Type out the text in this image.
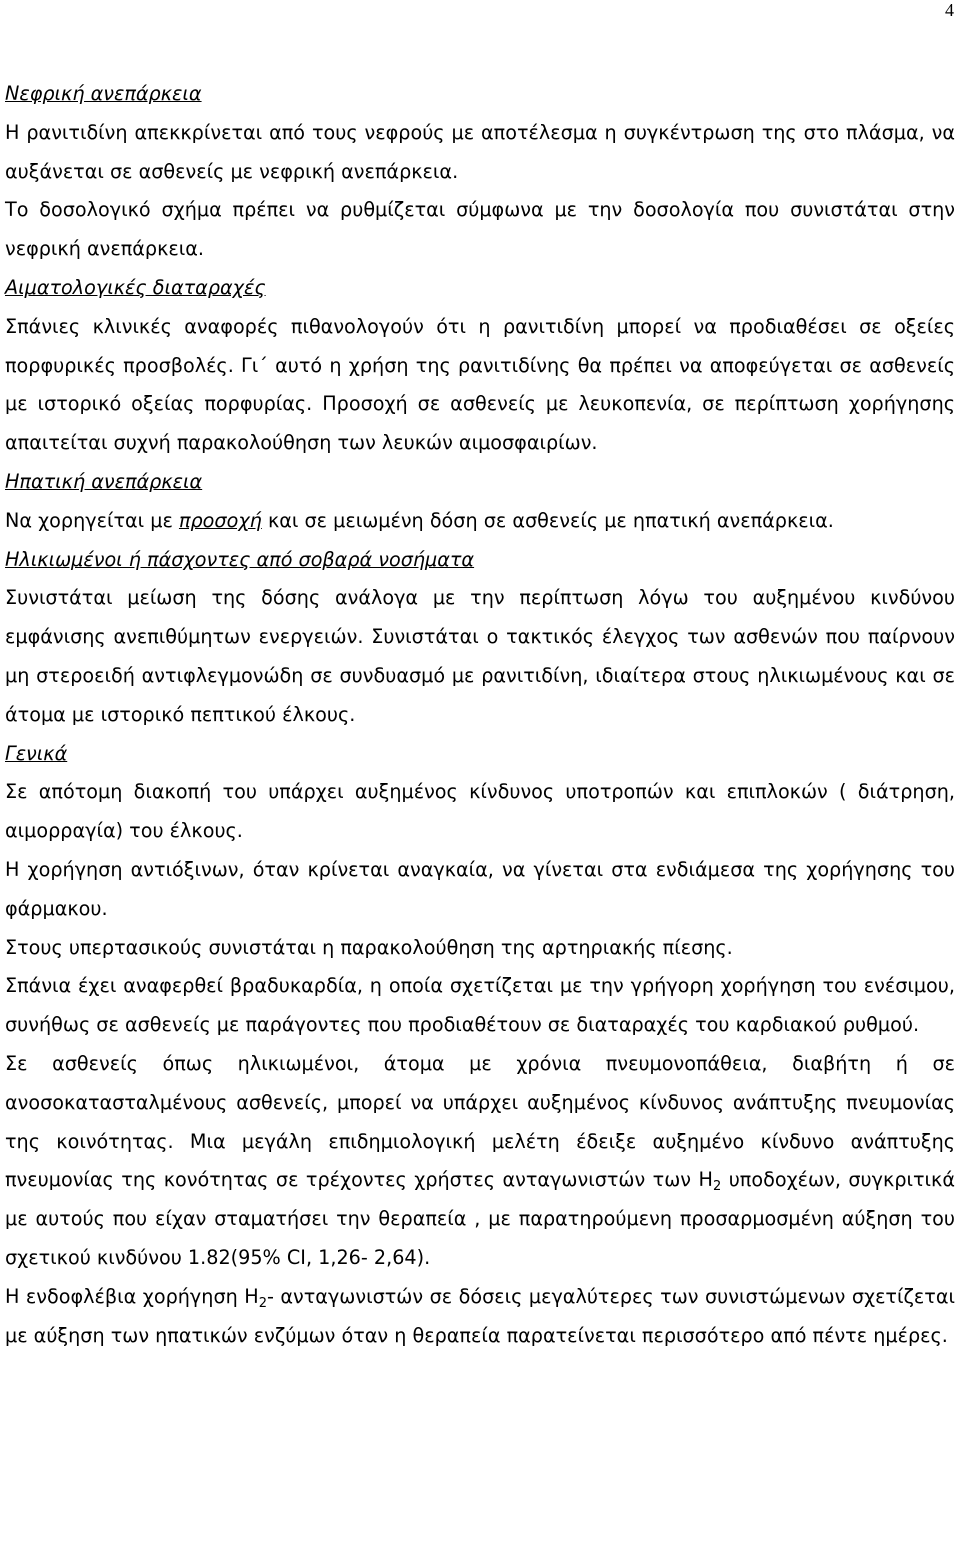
4

Νεφρική ανεπάρκεια

Η ρανιτιδίνη απεκκρίνεται από τους νεφρούς με αποτέλεσμα η συγκέντρωση της στο πλάσμα, να αυξάνεται σε ασθενείς με νεφρική ανεπάρκεια.

Το δοσολογικό σχήμα πρέπει να ρυθμίζεται σύμφωνα με την δοσολογία που συνιστάται στην νεφρική ανεπάρκεια.

Αιματολογικές διαταραχές

Σπάνιες κλινικές αναφορές πιθανολογούν ότι η ρανιτιδίνη μπορεί να προδιαθέσει σε οξείες πορφυρικές προσβολές. Γι΄ αυτό η χρήση της ρανιτιδίνης θα πρέπει να αποφεύγεται σε ασθενείς με ιστορικό οξείας πορφυρίας. Προσοχή σε ασθενείς με λευκοπενία, σε περίπτωση χορήγησης απαιτείται συχνή παρακολούθηση των λευκών αιμοσφαιρίων.

Ηπατική ανεπάρκεια

Να χορηγείται με προσοχή και σε μειωμένη δόση σε ασθενείς με ηπατική ανεπάρκεια.

Ηλικιωμένοι ή πάσχοντες από σοβαρά νοσήματα

Συνιστάται μείωση της δόσης ανάλογα με την περίπτωση λόγω του αυξημένου κινδύνου εμφάνισης ανεπιθύμητων ενεργειών. Συνιστάται ο τακτικός έλεγχος των ασθενών που παίρνουν μη στεροειδή αντιφλεγμονώδη σε συνδυασμό με ρανιτιδίνη, ιδιαίτερα στους ηλικιωμένους και σε άτομα με ιστορικό πεπτικού έλκους.

Γενικά

Σε απότομη διακοπή του υπάρχει αυξημένος κίνδυνος υποτροπών και επιπλοκών ( διάτρηση, αιμορραγία) του έλκους.

Η χορήγηση αντιόξινων, όταν κρίνεται αναγκαία, να γίνεται στα ενδιάμεσα της χορήγησης του φάρμακου.

Στους υπερτασικούς συνιστάται η παρακολούθηση της αρτηριακής πίεσης.

Σπάνια έχει αναφερθεί βραδυκαρδία, η οποία σχετίζεται με την γρήγορη χορήγηση του ενέσιμου, συνήθως σε ασθενείς με παράγοντες που προδιαθέτουν σε διαταραχές του καρδιακού ρυθμού.

Σε ασθενείς όπως ηλικιωμένοι, άτομα με χρόνια πνευμονοπάθεια, διαβήτη ή σε ανοσοκατασταλμένους ασθενείς, μπορεί να υπάρχει αυξημένος κίνδυνος ανάπτυξης πνευμονίας της κοινότητας. Μια μεγάλη επιδημιολογική μελέτη έδειξε αυξημένο κίνδυνο ανάπτυξης πνευμονίας της κονότητας σε τρέχοντες χρήστες ανταγωνιστών των $H_2$ υποδοχέων, συγκριτικά με αυτούς που είχαν σταματήσει την θεραπεία , με παρατηρούμενη προσαρμοσμένη αύξηση του σχετικού κινδύνου 1.82(95% CI, 1,26- 2,64).

Η ενδοφλέβια χορήγηση $H_2-$ ανταγωνιστών σε δόσεις μεγαλύτερες των συνιστώμενων σχετίζεται με αύξηση των ηπατικών ενζύμων όταν η θεραπεία παρατείνεται περισσότερο από πέντε ημέρες.
